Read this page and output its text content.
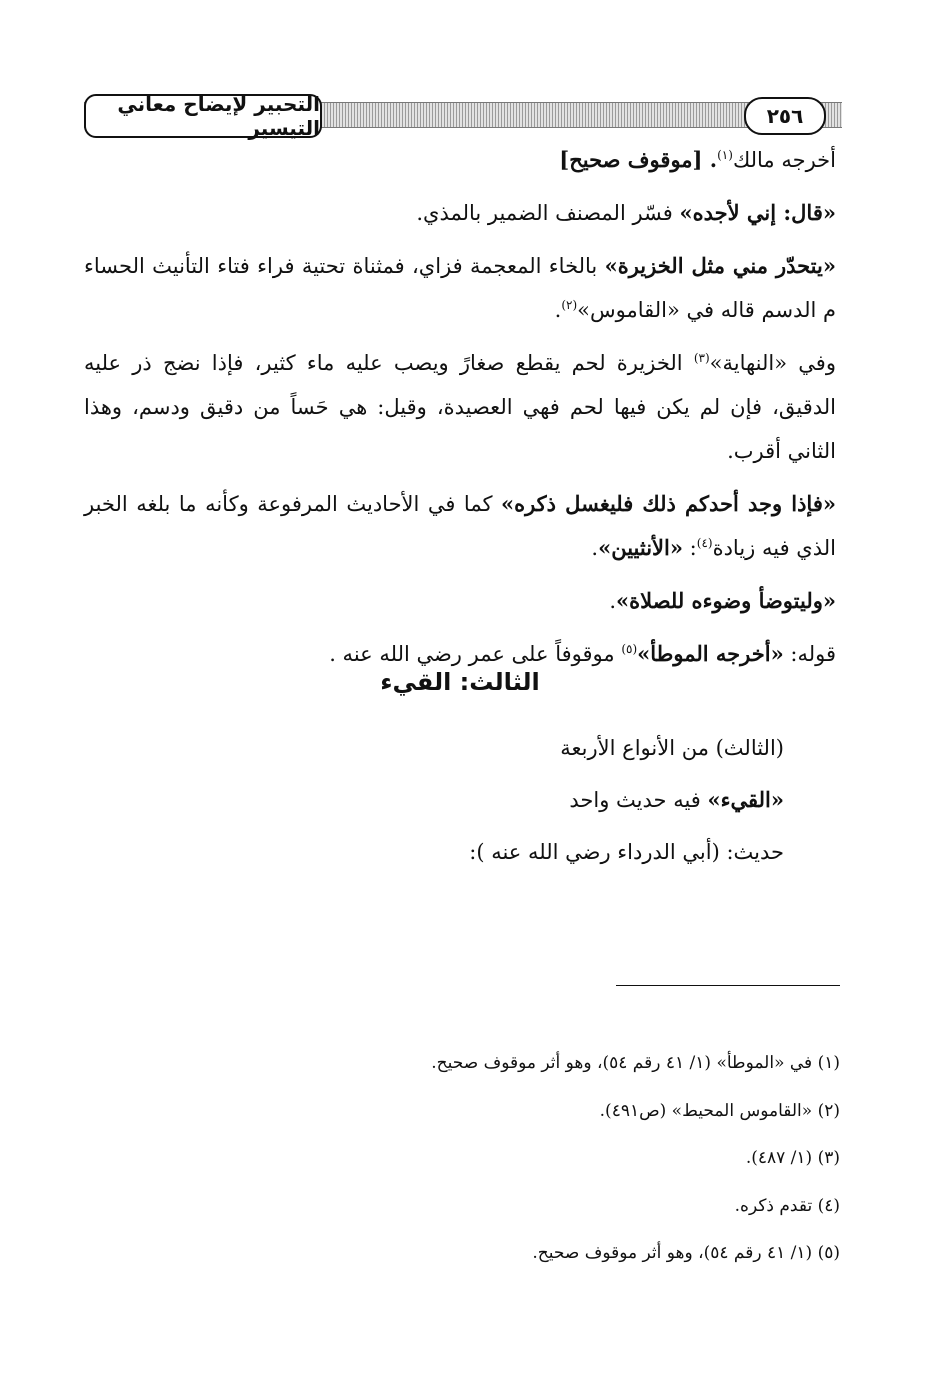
التحبير لإيضاح معاني التيسير	٢٥٦

أخرجه مالك$^{(١)}$. [موقوف صحيح]

«قال: إني لأجده» فسّر المصنف الضمير بالمذي.

«يتحدّر مني مثل الخزيرة» بالخاء المعجمة فزاي، فمثناة تحتية فراء فتاء التأنيث الحساء م الدسم قاله في «القاموس»$^{(٢)}$.

وفي «النهاية»$^{(٣)}$ الخزيرة لحم يقطع صغارً ويصب عليه ماء كثير، فإذا نضج ذر عليه الدقيق، فإن لم يكن فيها لحم فهي العصيدة، وقيل: هي حَساً من دقيق ودسم، وهذا الثاني أقرب.

«فإذا وجد أحدكم ذلك فليغسل ذكره» كما في الأحاديث المرفوعة وكأنه ما بلغه الخبر الذي فيه زيادة$^{(٤)}$: «الأنثيين».

«وليتوضأ وضوءه للصلاة».

قوله: «أخرجه الموطأ»$^{(٥)}$ موقوفاً على عمر رضي الله عنه .

الثالث: القيء
(الثالث) من الأنواع الأربعة
«القيء» فيه حديث واحد
حديث: (أبي الدرداء رضي الله عنه ):
(١) في «الموطأ» (١/ ٤١ رقم ٥٤)، وهو أثر موقوف صحيح.
(٢) «القاموس المحيط» (ص٤٩١).
(٣) (١/ ٤٨٧).
(٤) تقدم ذكره.
(٥) (١/ ٤١ رقم ٥٤)، وهو أثر موقوف صحيح.
